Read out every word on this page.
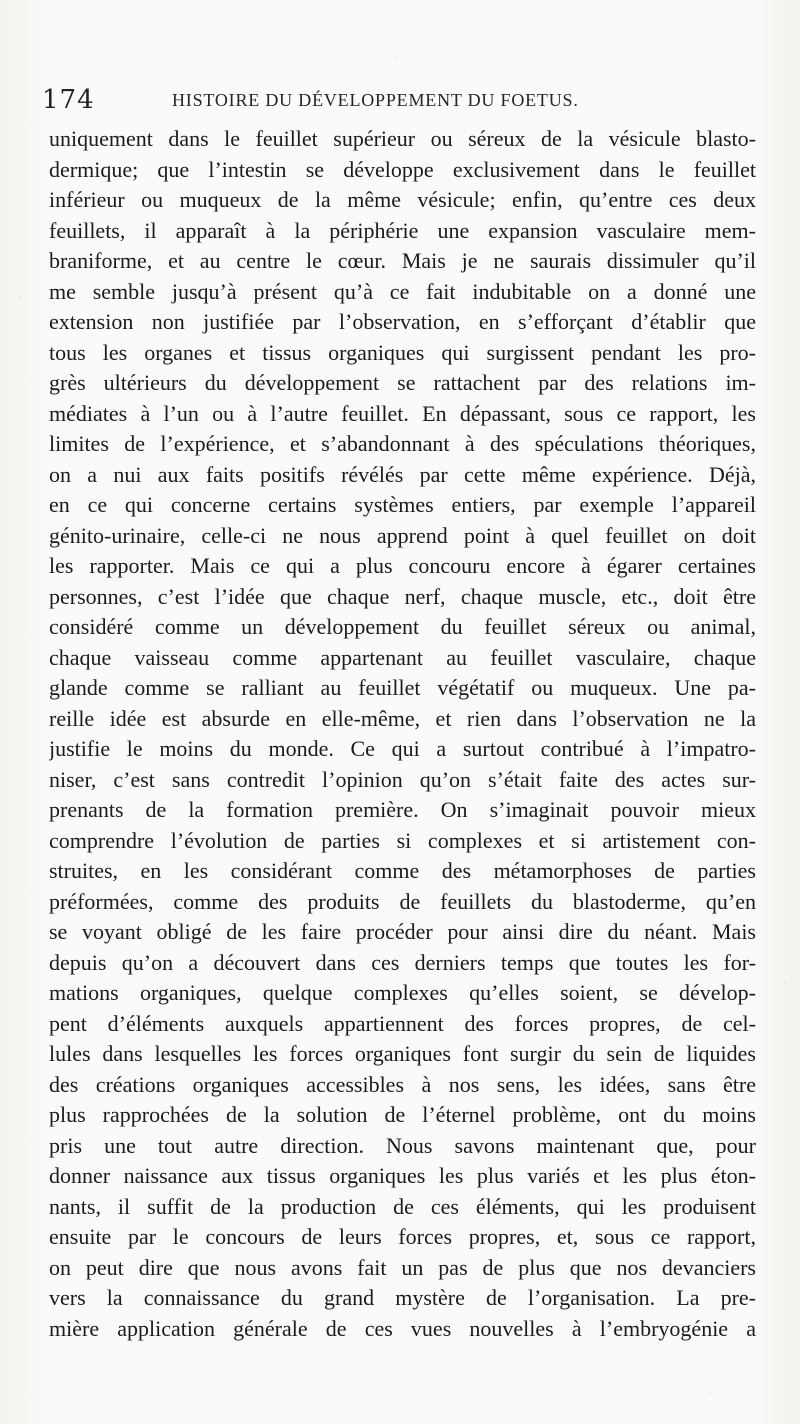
174	HISTOIRE DU DÉVELOPPEMENT DU FOETUS.
uniquement dans le feuillet supérieur ou séreux de la vésicule blasto-
dermique; que l’intestin se développe exclusivement dans le feuillet
inférieur ou muqueux de la même vésicule; enfin, qu’entre ces deux
feuillets, il apparaît à la périphérie une expansion vasculaire mem-
braniforme, et au centre le cœur. Mais je ne saurais dissimuler qu’il
me semble jusqu’à présent qu’à ce fait indubitable on a donné une
extension non justifiée par l’observation, en s’efforçant d’établir que
tous les organes et tissus organiques qui surgissent pendant les pro-
grès ultérieurs du développement se rattachent par des relations im-
médiates à l’un ou à l’autre feuillet. En dépassant, sous ce rapport, les
limites de l’expérience, et s’abandonnant à des spéculations théoriques,
on a nui aux faits positifs révélés par cette même expérience. Déjà,
en ce qui concerne certains systèmes entiers, par exemple l’appareil
génito-urinaire, celle-ci ne nous apprend point à quel feuillet on doit
les rapporter. Mais ce qui a plus concouru encore à égarer certaines
personnes, c’est l’idée que chaque nerf, chaque muscle, etc., doit être
considéré comme un développement du feuillet séreux ou animal,
chaque vaisseau comme appartenant au feuillet vasculaire, chaque
glande comme se ralliant au feuillet végétatif ou muqueux. Une pa-
reille idée est absurde en elle-même, et rien dans l’observation ne la
justifie le moins du monde. Ce qui a surtout contribué à l’impatro-
niser, c’est sans contredit l’opinion qu’on s’était faite des actes sur-
prenants de la formation première. On s’imaginait pouvoir mieux
comprendre l’évolution de parties si complexes et si artistement con-
struites, en les considérant comme des métamorphoses de parties
préformées, comme des produits de feuillets du blastoderme, qu’en
se voyant obligé de les faire procéder pour ainsi dire du néant. Mais
depuis qu’on a découvert dans ces derniers temps que toutes les for-
mations organiques, quelque complexes qu’elles soient, se dévelop-
pent d’éléments auxquels appartiennent des forces propres, de cel-
lules dans lesquelles les forces organiques font surgir du sein de liquides
des créations organiques accessibles à nos sens, les idées, sans être
plus rapprochées de la solution de l’éternel problème, ont du moins
pris une tout autre direction. Nous savons maintenant que, pour
donner naissance aux tissus organiques les plus variés et les plus éton-
nants, il suffit de la production de ces éléments, qui les produisent
ensuite par le concours de leurs forces propres, et, sous ce rapport,
on peut dire que nous avons fait un pas de plus que nos devanciers
vers la connaissance du grand mystère de l’organisation. La pre-
mière application générale de ces vues nouvelles à l’embryogénie a
